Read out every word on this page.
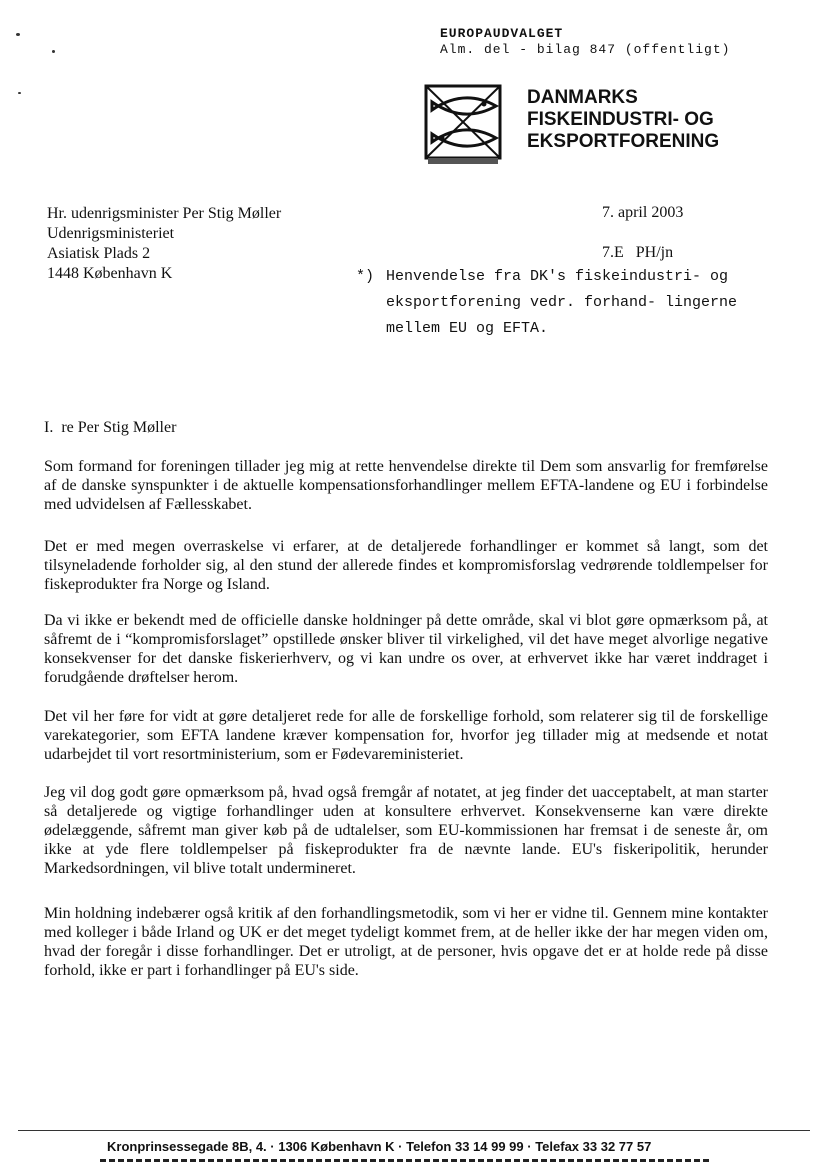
EUROPAUDVALGET
Alm. del - bilag 847 (offentligt)
DANMARKS
FISKEINDUSTRI- OG
EKSPORTFORENING
Hr. udenrigsminister Per Stig Møller
Udenrigsministeriet
Asiatisk Plads 2
1448 København K
7. april 2003
7.E   PH/jn
*) Henvendelse fra DK's fiskeindustri- og eksportforening vedr. forhand- lingerne mellem EU og EFTA.
I.  re Per Stig Møller
Som formand for foreningen tillader jeg mig at rette henvendelse direkte til Dem som ansvarlig for fremførelse af de danske synspunkter i de aktuelle kompensationsforhandlinger mellem EFTA-landene og EU i forbindelse med udvidelsen af Fællesskabet.
Det er med megen overraskelse vi erfarer, at de detaljerede forhandlinger er kommet så langt, som det tilsyneladende forholder sig, al den stund der allerede findes et kompromisforslag vedrørende toldlempelser for fiskeprodukter fra Norge og Island.
Da vi ikke er bekendt med de officielle danske holdninger på dette område, skal vi blot gøre opmærksom på, at såfremt de i “kompromisforslaget” opstillede ønsker bliver til virkelighed, vil det have meget alvorlige negative konsekvenser for det danske fiskerierhverv, og vi kan undre os over, at erhvervet ikke har været inddraget i forudgående drøftelser herom.
Det vil her føre for vidt at gøre detaljeret rede for alle de forskellige forhold, som relaterer sig til de forskellige varekategorier, som EFTA landene kræver kompensation for, hvorfor jeg tillader mig at medsende et notat udarbejdet til vort resortministerium, som er Fødevareministeriet.
Jeg vil dog godt gøre opmærksom på, hvad også fremgår af notatet, at jeg finder det uacceptabelt, at man starter så detaljerede og vigtige forhandlinger uden at konsultere erhvervet. Konsekvenserne kan være direkte ødelæggende, såfremt man giver køb på de udtalelser, som EU-kommissionen har fremsat i de seneste år, om ikke at yde flere toldlempelser på fiskeprodukter fra de nævnte lande. EU's fiskeripolitik, herunder Markedsordningen, vil blive totalt undermineret.
Min holdning indebærer også kritik af den forhandlingsmetodik, som vi her er vidne til. Gennem mine kontakter med kolleger i både Irland og UK er det meget tydeligt kommet frem, at de heller ikke der har megen viden om, hvad der foregår i disse forhandlinger. Det er utroligt, at de personer, hvis opgave det er at holde rede på disse forhold, ikke er part i forhandlinger på EU's side.
Kronprinsessegade 8B, 4. · 1306 København K · Telefon 33 14 99 99 · Telefax 33 32 77 57
